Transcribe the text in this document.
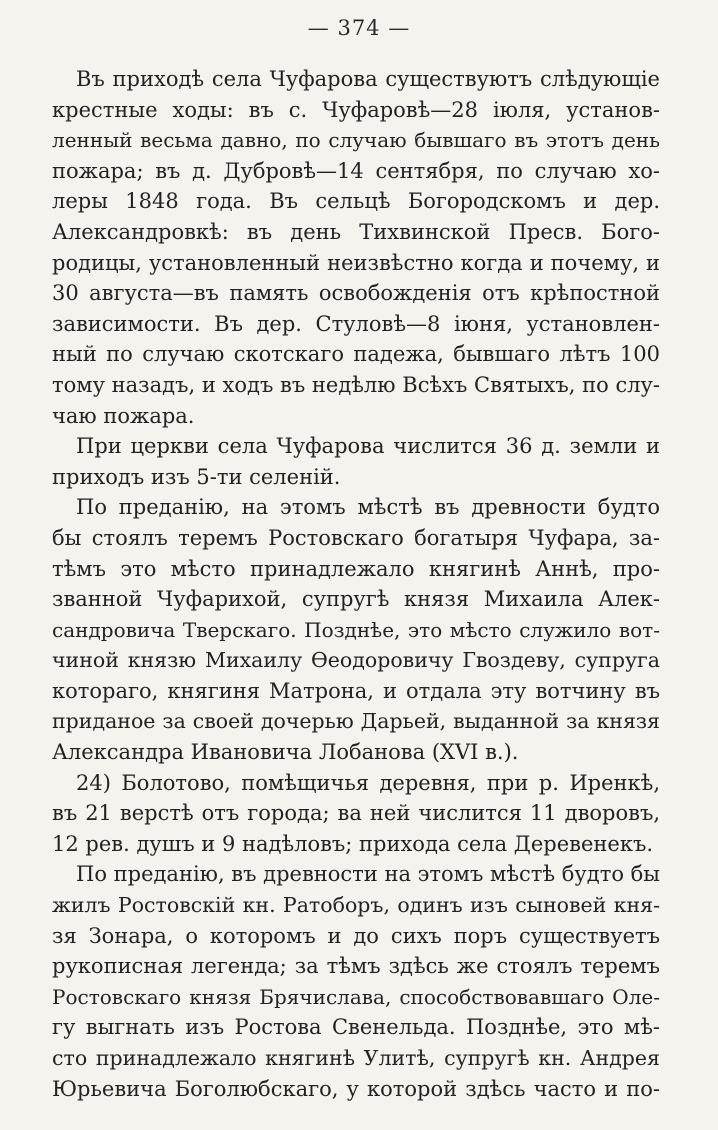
— 374 —
Въ приходѣ села Чуфарова существуютъ слѣдующіе
крестные ходы: въ с. Чуфаровѣ—28 іюля, установ-
ленный весьма давно, по случаю бывшаго въ этотъ день
пожара; въ д. Дубровѣ—14 сентября, по случаю хо-
леры 1848 года. Въ сельцѣ Богородскомъ и дер.
Александровкѣ: въ день Тихвинской Пресв. Бого-
родицы, установленный неизвѣстно когда и почему, и
30 августа—въ память освобожденія отъ крѣпостной
зависимости. Въ дер. Стуловѣ—8 іюня, установлен-
ный по случаю скотскаго падежа, бывшаго лѣтъ 100
тому назадъ, и ходъ въ недѣлю Всѣхъ Святыхъ, по слу-
чаю пожара.
При церкви села Чуфарова числится 36 д. земли и
приходъ изъ 5-ти селеній.
По преданію, на этомъ мѣстѣ въ древности будто
бы стоялъ теремъ Ростовскаго богатыря Чуфара, за-
тѣмъ это мѣсто принадлежало княгинѣ Аннѣ, про-
званной Чуфарихой, супругѣ князя Михаила Алек-
сандровича Тверскаго. Позднѣе, это мѣсто служило вот-
чиной князю Михаилу Ѳеодоровичу Гвоздеву, супруга
котораго, княгиня Матрона, и отдала эту вотчину въ
приданое за своей дочерью Дарьей, выданной за князя
Александра Ивановича Лобанова (XVI в.).
24) Болотово, помѣщичья деревня, при р. Иренкѣ,
въ 21 верстѣ отъ города; ва ней числится 11 дворовъ,
12 рев. душъ и 9 надѣловъ; прихода села Деревенекъ.
По преданію, въ древности на этомъ мѣстѣ будто бы
жилъ Ростовскій кн. Ратоборъ, одинъ изъ сыновей кня-
зя Зонара, о которомъ и до сихъ поръ существуетъ
рукописная легенда; за тѣмъ здѣсь же стоялъ теремъ
Ростовскаго князя Брячислава, способствовавшаго Оле-
гу выгнать изъ Ростова Свенельда. Позднѣе, это мѣ-
сто принадлежало княгинѣ Улитѣ, супругѣ кн. Андрея
Юрьевича Боголюбскаго, у которой здѣсь часто и по-
